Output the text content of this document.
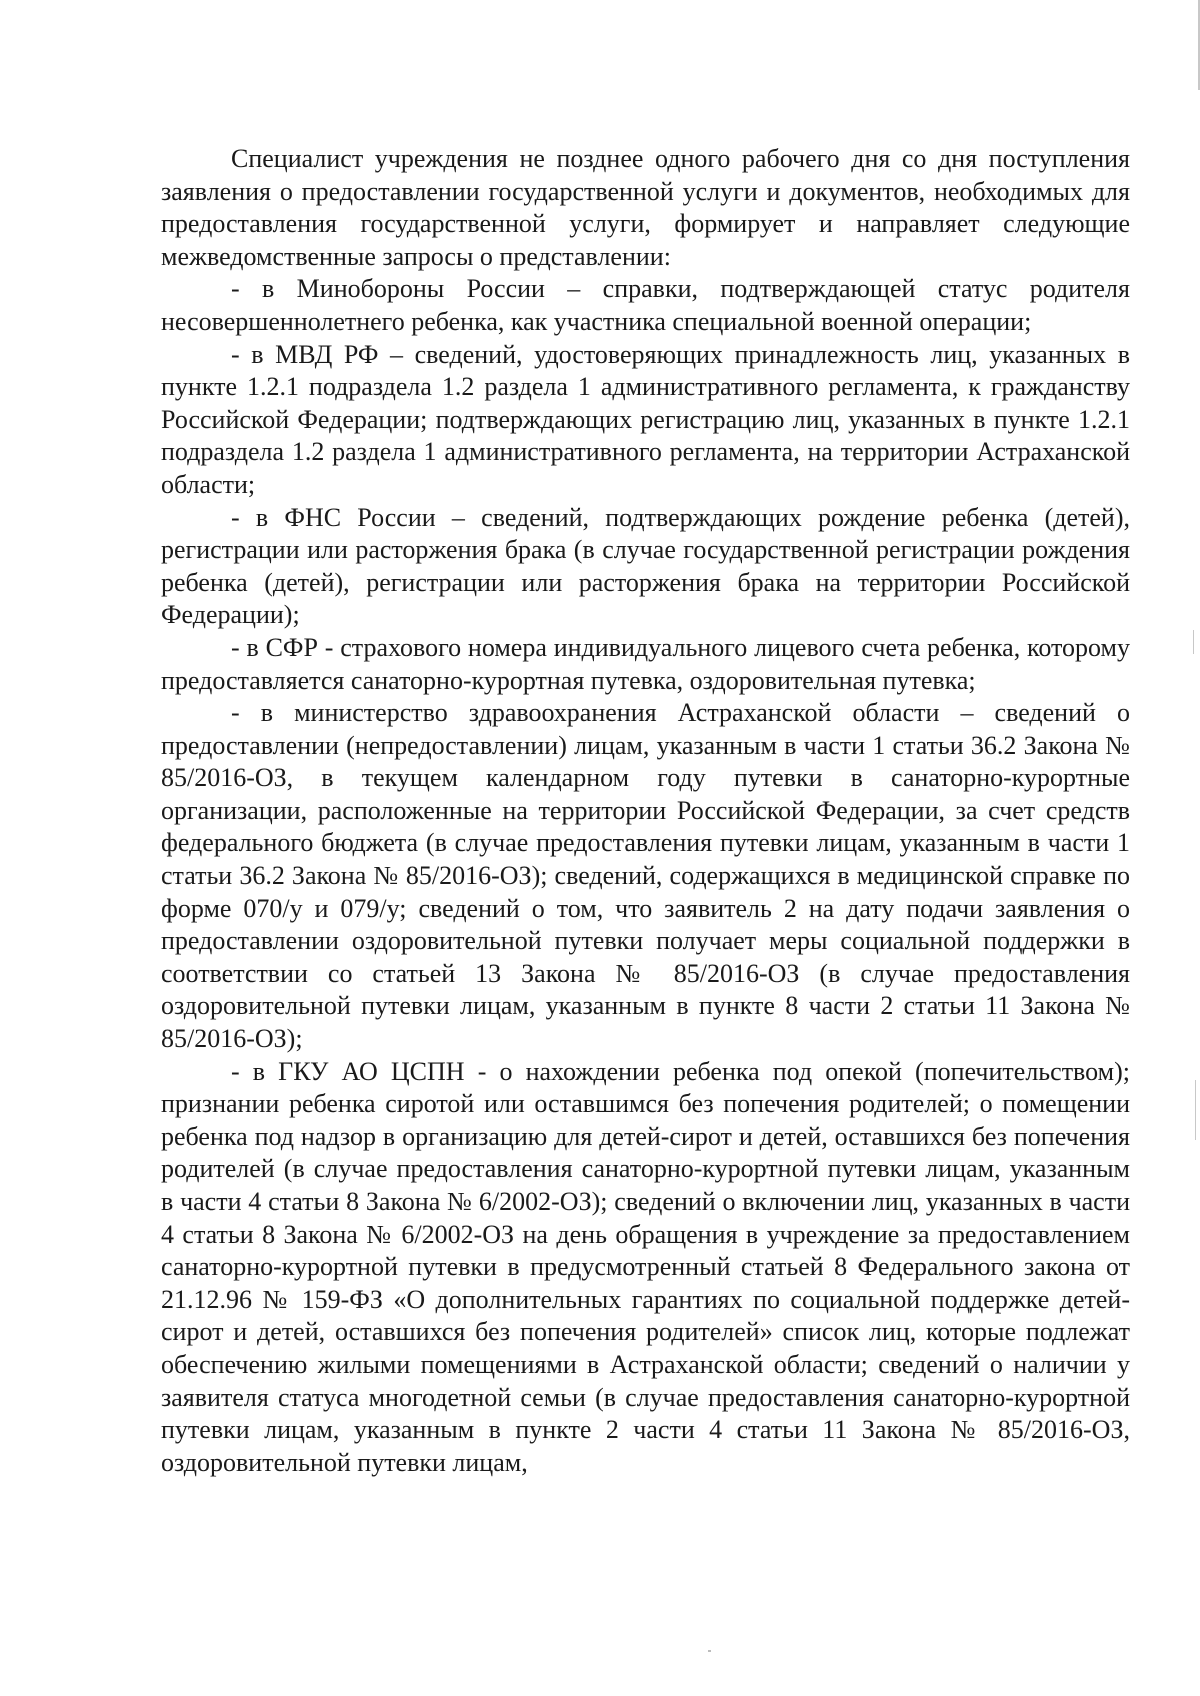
Специалист учреждения не позднее одного рабочего дня со дня поступления заявления о предоставлении государственной услуги и документов, необходимых для предоставления государственной услуги, формирует и направляет следующие межведомственные запросы о представлении:

- в Минобороны России – справки, подтверждающей статус родителя несовершеннолетнего ребенка, как участника специальной военной операции;

- в МВД РФ – сведений, удостоверяющих принадлежность лиц, указанных в пункте 1.2.1 подраздела 1.2 раздела 1 административного регламента, к гражданству Российской Федерации; подтверждающих регистрацию лиц, указанных в пункте 1.2.1 подраздела 1.2 раздела 1 административного регламента, на территории Астраханской области;

- в ФНС России – сведений, подтверждающих рождение ребенка (детей), регистрации или расторжения брака (в случае государственной регистрации рождения ребенка (детей), регистрации или расторжения брака на территории Российской Федерации);

- в СФР - страхового номера индивидуального лицевого счета ребенка, которому предоставляется санаторно-курортная путевка, оздоровительная путевка;

- в министерство здравоохранения Астраханской области – сведений о предоставлении (непредоставлении) лицам, указанным в части 1 статьи 36.2 Закона № 85/2016-ОЗ, в текущем календарном году путевки в санаторно-курортные организации, расположенные на территории Российской Федерации, за счет средств федерального бюджета (в случае предоставления путевки лицам, указанным в части 1 статьи 36.2 Закона № 85/2016-ОЗ); сведений, содержащихся в медицинской справке по форме 070/у и 079/у; сведений о том, что заявитель 2 на дату подачи заявления о предоставлении оздоровительной путевки получает меры социальной поддержки в соответствии со статьей 13 Закона № 85/2016-ОЗ (в случае предоставления оздоровительной путевки лицам, указанным в пункте 8 части 2 статьи 11 Закона № 85/2016-ОЗ);

- в ГКУ АО ЦСПН - о нахождении ребенка под опекой (попечительством); признании ребенка сиротой или оставшимся без попечения родителей; о помещении ребенка под надзор в организацию для детей-сирот и детей, оставшихся без попечения родителей (в случае предоставления санаторно-курортной путевки лицам, указанным в части 4 статьи 8 Закона № 6/2002-ОЗ); сведений о включении лиц, указанных в части 4 статьи 8 Закона № 6/2002-ОЗ на день обращения в учреждение за предоставлением санаторно-курортной путевки в предусмотренный статьей 8 Федерального закона от 21.12.96 № 159-ФЗ «О дополнительных гарантиях по социальной поддержке детей-сирот и детей, оставшихся без попечения родителей» список лиц, которые подлежат обеспечению жилыми помещениями в Астраханской области; сведений о наличии у заявителя статуса многодетной семьи (в случае предоставления санаторно-курортной путевки лицам, указанным в пункте 2 части 4 статьи 11 Закона № 85/2016-ОЗ, оздоровительной путевки лицам,
